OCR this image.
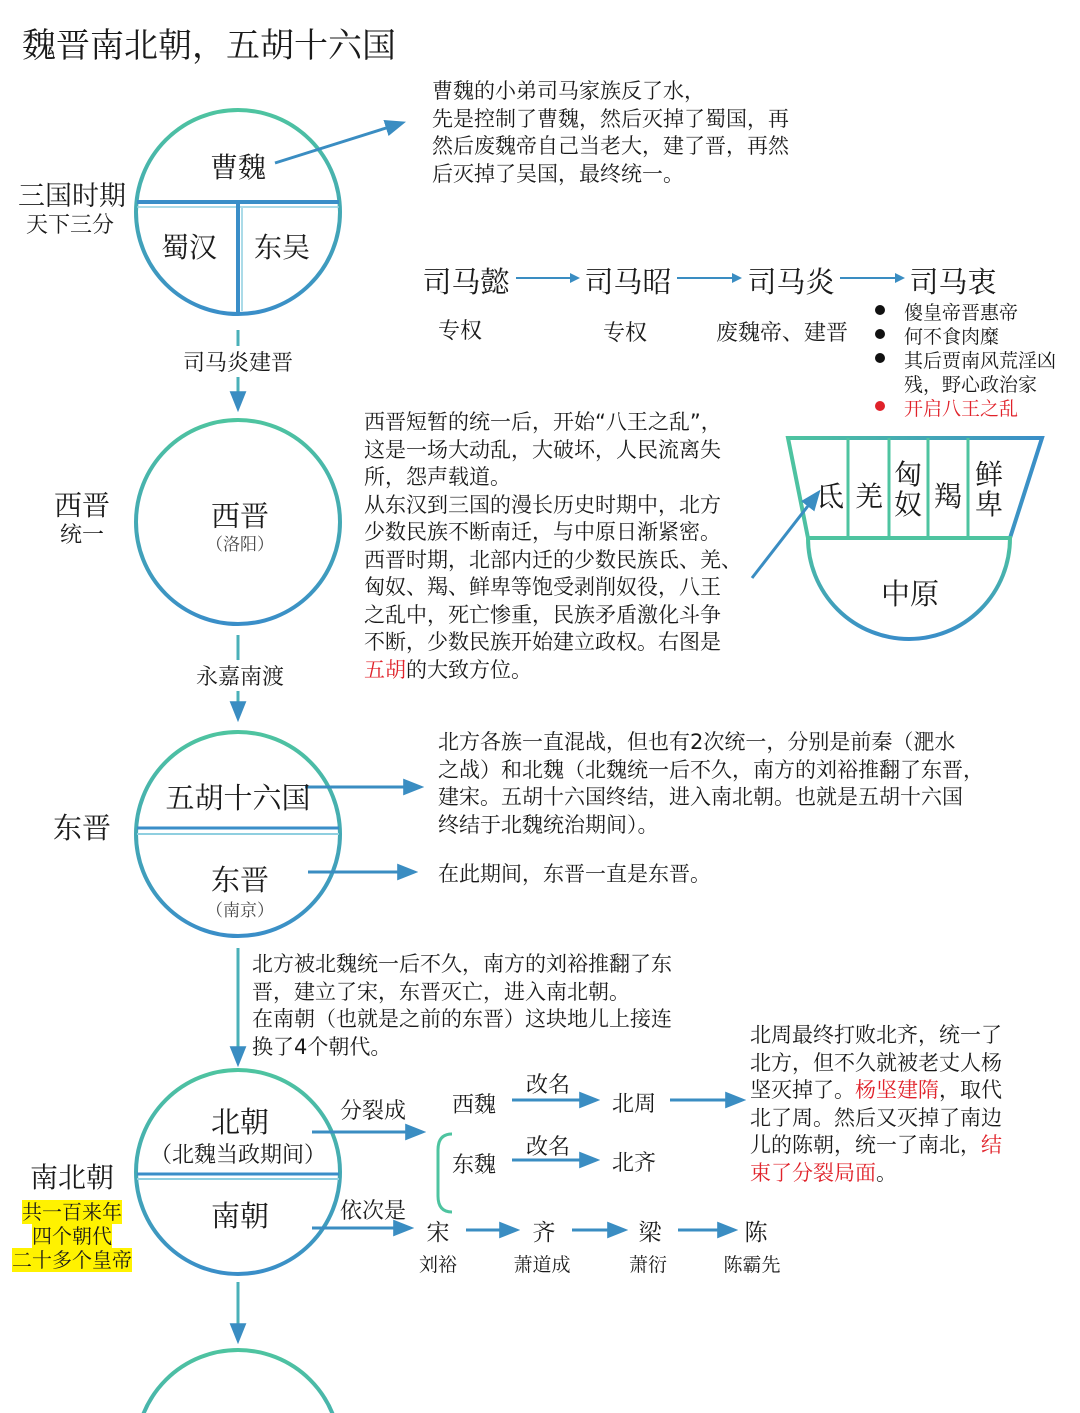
魏晋南北朝，五胡十六国
三国时期
天下三分
曹魏
蜀汉 东吴
曹魏的小弟司马家族反了水，
先是控制了曹魏，然后灭掉了蜀国，再
然后废魏帝自己当老大，建了晋，再然
后灭掉了吴国，最终统一。
司马懿	司马昭	司马炎	司马衷
专权	专权	废魏帝、建晋
傻皇帝晋惠帝
何不食肉糜
其后贾南风荒淫凶
残，野心政治家
开启八王之乱
司马炎建晋
西晋
统一
西晋
（洛阳）
西晋短暂的统一后，开始“八王之乱”，
这是一场大动乱，大破坏，人民流离失
所，怨声载道。
从东汉到三国的漫长历史时期中，北方
少数民族不断南迁，与中原日渐紧密。
西晋时期，北部内迁的少数民族氐、羌、
匈奴、羯、鲜卑等饱受剥削奴役，八王
之乱中，死亡惨重，民族矛盾激化斗争
不断，少数民族开始建立政权。右图是
五胡的大致方位。
氐 羌
匈奴 羯
鲜卑
中原
永嘉南渡
东晋
五胡十六国
东晋
（南京）
北方各族一直混战，但也有2次统一，分别是前秦（淝水
之战）和北魏（北魏统一后不久，南方的刘裕推翻了东晋，
建宋。五胡十六国终结，进入南北朝。也就是五胡十六国
终结于北魏统治期间）。
在此期间，东晋一直是东晋。
北方被北魏统一后不久，南方的刘裕推翻了东
晋，建立了宋，东晋灭亡，进入南北朝。
在南朝（也就是之前的东晋）这块地儿上接连
换了4个朝代。
南北朝
共一百来年
四个朝代
二十多个皇帝
北朝
（北魏当政期间）
南朝
分裂成
依次是
西魏
改名
北周
东魏
改名
北齐
宋	齐	梁	陈
刘裕	萧道成	萧衍	陈霸先
北周最终打败北齐，统一了
北方，但不久就被老丈人杨
坚灭掉了。杨坚建隋，取代
北了周。然后又灭掉了南边
儿的陈朝，统一了南北，结
束了分裂局面。
